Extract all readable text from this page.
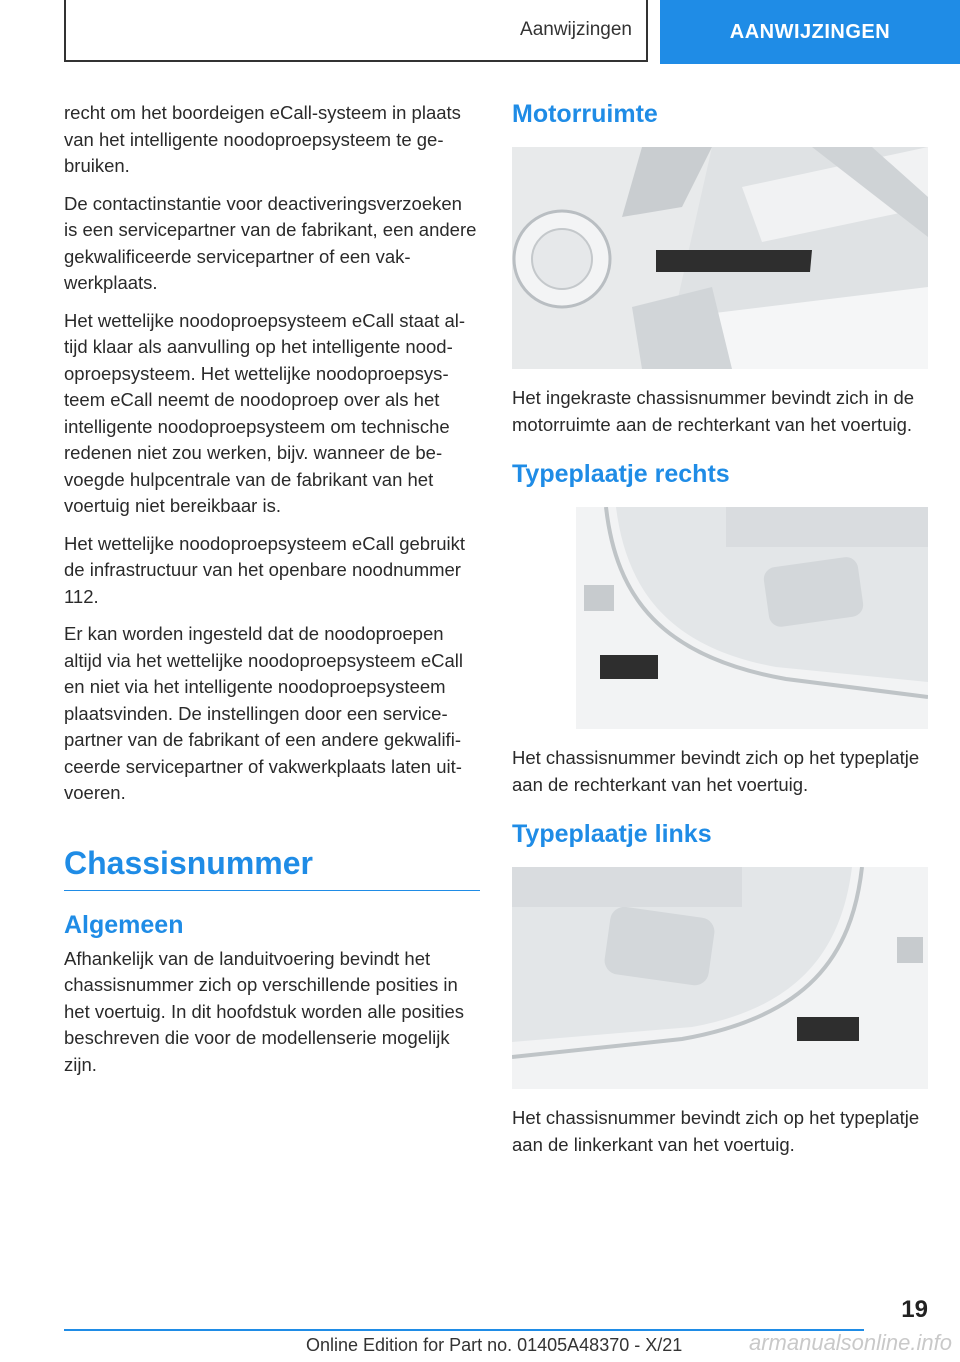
Aanwijzingen	AANWIJZINGEN

recht om het boordeigen eCall-systeem in plaats van het intelligente noodoproepsysteem te gebruiken.

De contactinstantie voor deactiveringsverzoeken is een servicepartner van de fabrikant, een andere gekwalificeerde servicepartner of een vakwerkplaats.

Het wettelijke noodoproepsysteem eCall staat altijd klaar als aanvulling op het intelligente noodoproepsysteem. Het wettelijke noodoproepsysteem eCall neemt de noodoproep over als het intelligente noodoproepsysteem om technische redenen niet zou werken, bijv. wanneer de bevoegde hulpcentrale van de fabrikant van het voertuig niet bereikbaar is.

Het wettelijke noodoproepsysteem eCall gebruikt de infrastructuur van het openbare noodnummer 112.

Er kan worden ingesteld dat de noodoproepen altijd via het wettelijke noodoproepsysteem eCall en niet via het intelligente noodoproepsysteem plaatsvinden. De instellingen door een servicepartner van de fabrikant of een andere gekwalificeerde servicepartner of vakwerkplaats laten uitvoeren.

Chassisnummer
Algemeen

Afhankelijk van de landuitvoering bevindt het chassisnummer zich op verschillende posities in het voertuig. In dit hoofdstuk worden alle posities beschreven die voor de modellenserie mogelijk zijn.

Motorruimte

Het ingekraste chassisnummer bevindt zich in de motorruimte aan de rechterkant van het voertuig.

Typeplaatje rechts

Het chassisnummer bevindt zich op het typeplatje aan de rechterkant van het voertuig.

Typeplaatje links

Het chassisnummer bevindt zich op het typeplatje aan de linkerkant van het voertuig.

19
Online Edition for Part no. 01405A48370 - X/21	armanualsonline.info
